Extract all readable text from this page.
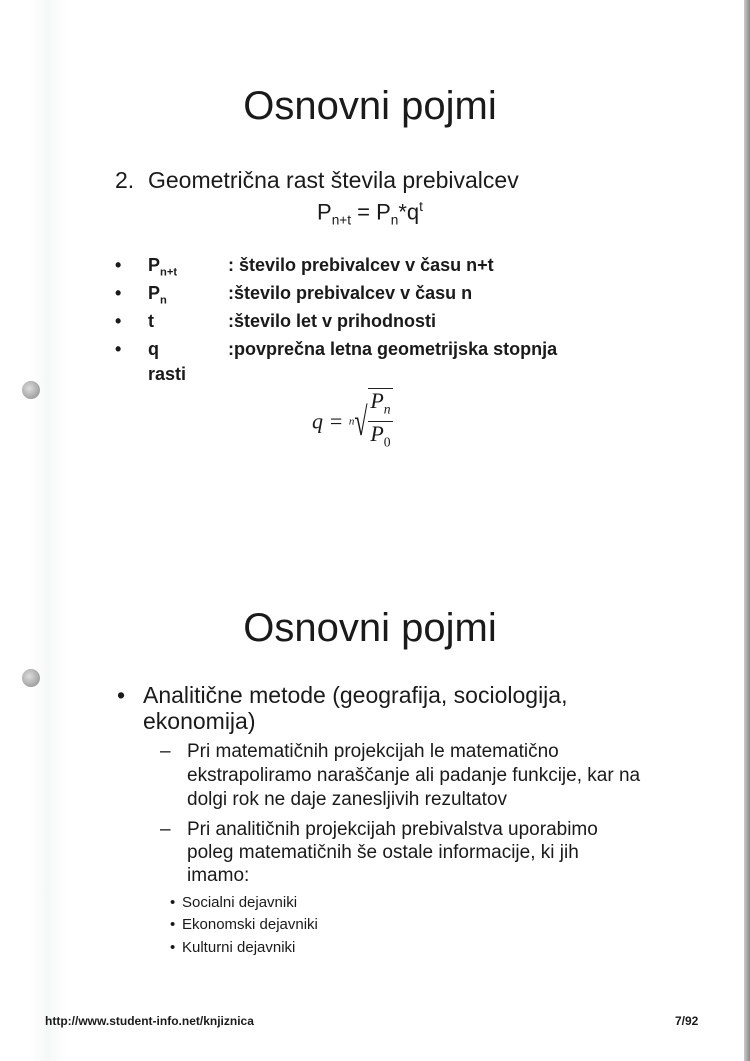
Osnovni pojmi
2. Geometrična rast števila prebivalcev
$P_{n+t} = P_n*q^t$
• $P_{n+t}$	: število prebivalcev v času n+t
• $P_n$	:število prebivalcev v času n
• t	:število let v prihodnosti
• q	:povprečna letna geometrijska stopnja
rasti
$q = n√ \frac{P_n}{P_0}$
Osnovni pojmi
• Analitične metode (geografija, sociologija,
ekonomija)
– Pri matematičnih projekcijah le matematično
ekstrapoliramo naraščanje ali padanje funkcije, kar na
dolgi rok ne daje zanesljivih rezultatov
– Pri analitičnih projekcijah prebivalstva uporabimo
poleg matematičnih še ostale informacije, ki jih
imamo:
• Socialni dejavniki
• Ekonomski dejavniki
• Kulturni dejavniki
http://www.student-info.net/knjiznica	7/92
